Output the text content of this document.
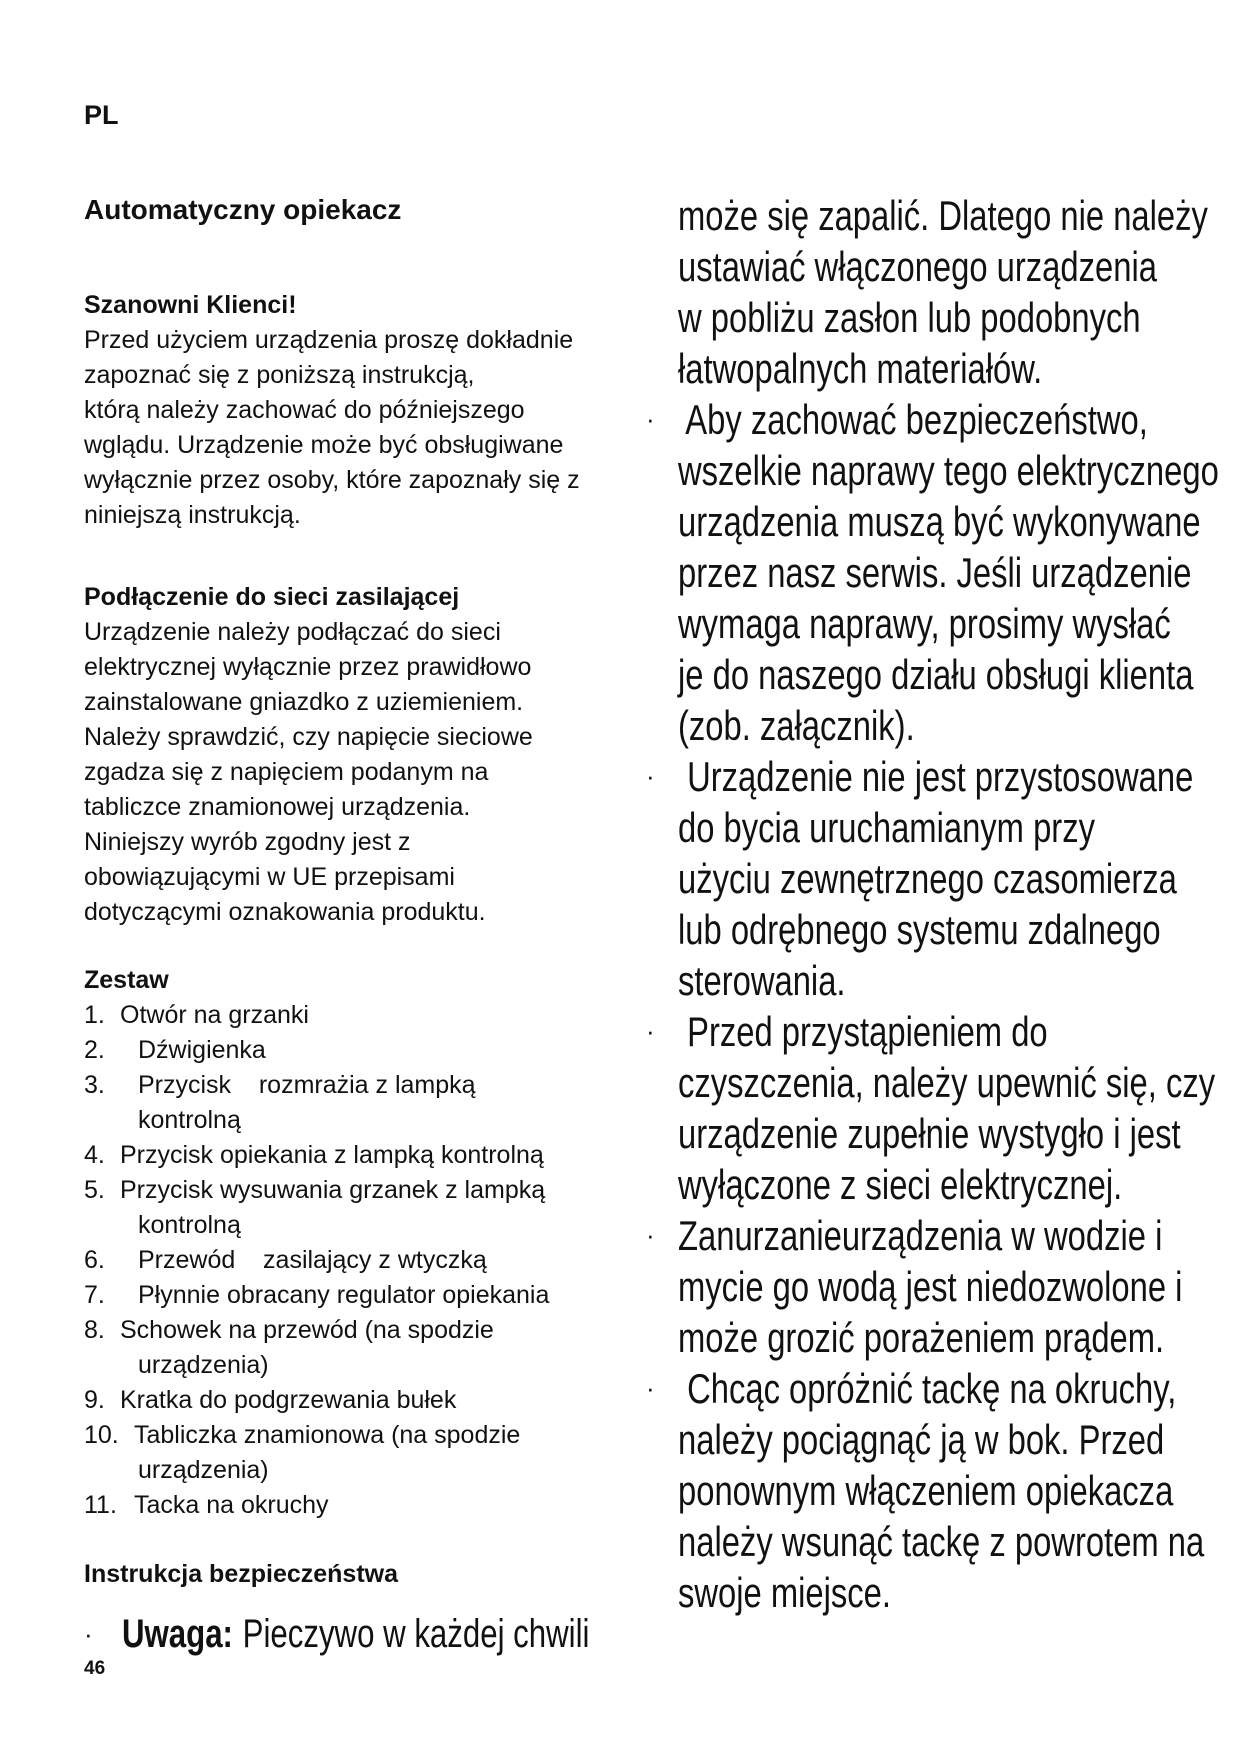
PL
Automatyczny opiekacz
Szanowni Klienci!
Przed użyciem urządzenia proszę dokładnie
zapoznać się z poniższą instrukcją,
którą należy zachować do późniejszego
wglądu. Urządzenie może być obsługiwane
wyłącznie przez osoby, które zapoznały się z
niniejszą instrukcją.
Podłączenie do sieci zasilającej
Urządzenie należy podłączać do sieci
elektrycznej wyłącznie przez prawidłowo
zainstalowane gniazdko z uziemieniem.
Należy sprawdzić, czy napięcie sieciowe
zgadza się z napięciem podanym na
tabliczce znamionowej urządzenia.
Niniejszy wyrób zgodny jest z
obowiązującymi w UE przepisami
dotyczącymi oznakowania produktu.
Zestaw
1. Otwór na grzanki
2. Dźwigienka
3. Przycisk    rozmrażia z lampką
kontrolną
4. Przycisk opiekania z lampką kontrolną
5. Przycisk wysuwania grzanek z lampką
kontrolną
6. Przewód    zasilający z wtyczką
7. Płynnie obracany regulator opiekania
8. Schowek na przewód (na spodzie
urządzenia)
9. Kratka do podgrzewania bułek
10. Tabliczka znamionowa (na spodzie
urządzenia)
11. Tacka na okruchy
Instrukcja bezpieczeństwa
· Uwaga: Pieczywo w każdej chwili
46
może się zapalić. Dlatego nie należy
ustawiać włączonego urządzenia
w pobliżu zasłon lub podobnych
łatwopalnych materiałów.
Aby zachować bezpieczeństwo,
wszelkie naprawy tego elektrycznego
urządzenia muszą być wykonywane
przez nasz serwis. Jeśli urządzenie
wymaga naprawy, prosimy wysłać
je do naszego działu obsługi klienta
(zob. załącznik).
Urządzenie nie jest przystosowane
do bycia uruchamianym przy
użyciu zewnętrznego czasomierza
lub odrębnego systemu zdalnego
sterowania.
Przed przystąpieniem do
czyszczenia, należy upewnić się, czy
urządzenie zupełnie wystygło i jest
wyłączone z sieci elektrycznej.
Zanurzanieurządzenia w wodzie i
mycie go wodą jest niedozwolone i
może grozić porażeniem prądem.
Chcąc opróżnić tackę na okruchy,
należy pociągnąć ją w bok. Przed
ponownym włączeniem opiekacza
należy wsunąć tackę z powrotem na
swoje miejsce.
·
·
·
·
·
